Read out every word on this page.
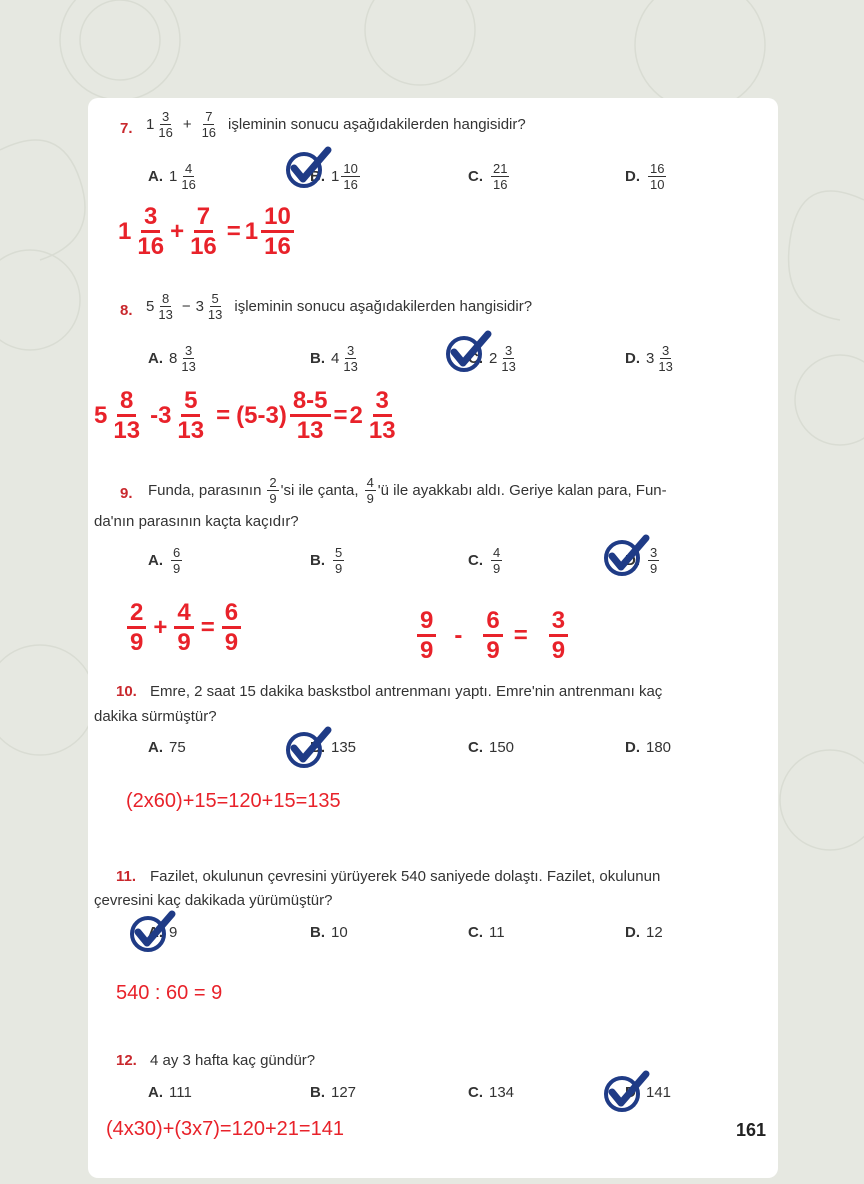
7. $1 \frac{3}{16} + \frac{7}{16}$ işleminin sonucu aşağıdakilerden hangisidir?
A. $1 \frac{4}{16}$	B. $1 \frac{10}{16}$	C. $\frac{21}{16}$	D. $\frac{16}{10}$
$1 \frac{3}{16} + \frac{7}{16} = 1 \frac{10}{16}$
8. $5 \frac{8}{13} - 3 \frac{5}{13}$ işleminin sonucu aşağıdakilerden hangisidir?
A. $8 \frac{3}{13}$	B. $4 \frac{3}{13}$	C. $2 \frac{3}{13}$	D. $3 \frac{3}{13}$
$5 \frac{8}{13} - 3 \frac{5}{13} = (5-3) \frac{8-5}{13} = 2 \frac{3}{13}$
9. Funda, parasının $\frac{2}{9}$ 'si ile çanta, $\frac{4}{9}$ 'ü ile ayakkabı aldı. Geriye kalan para, Fun-
da'nın parasının kaçta kaçıdır?
A. $\frac{6}{9}$	B. $\frac{5}{9}$	C. $\frac{4}{9}$	D. $\frac{3}{9}$
$\frac{2}{9} + \frac{4}{9} = \frac{6}{9}$	$\frac{9}{9} - \frac{6}{9} = \frac{3}{9}$
10. Emre, 2 saat 15 dakika baskstbol antrenmanı yaptı. Emre'nin antrenmanı kaç
dakika sürmüştür?
A. 75	B. 135	C. 150	D. 180
(2x60)+15=120+15=135
11. Fazilet, okulunun çevresini yürüyerek 540 saniyede dolaştı. Fazilet, okulunun
çevresini kaç dakikada yürümüştür?
A. 9	B. 10	C. 11	D. 12
540 : 60 = 9
12. 4 ay 3 hafta kaç gündür?
A. 111	B. 127	C. 134	D. 141
(4x30)+(3x7)=120+21=141	161
